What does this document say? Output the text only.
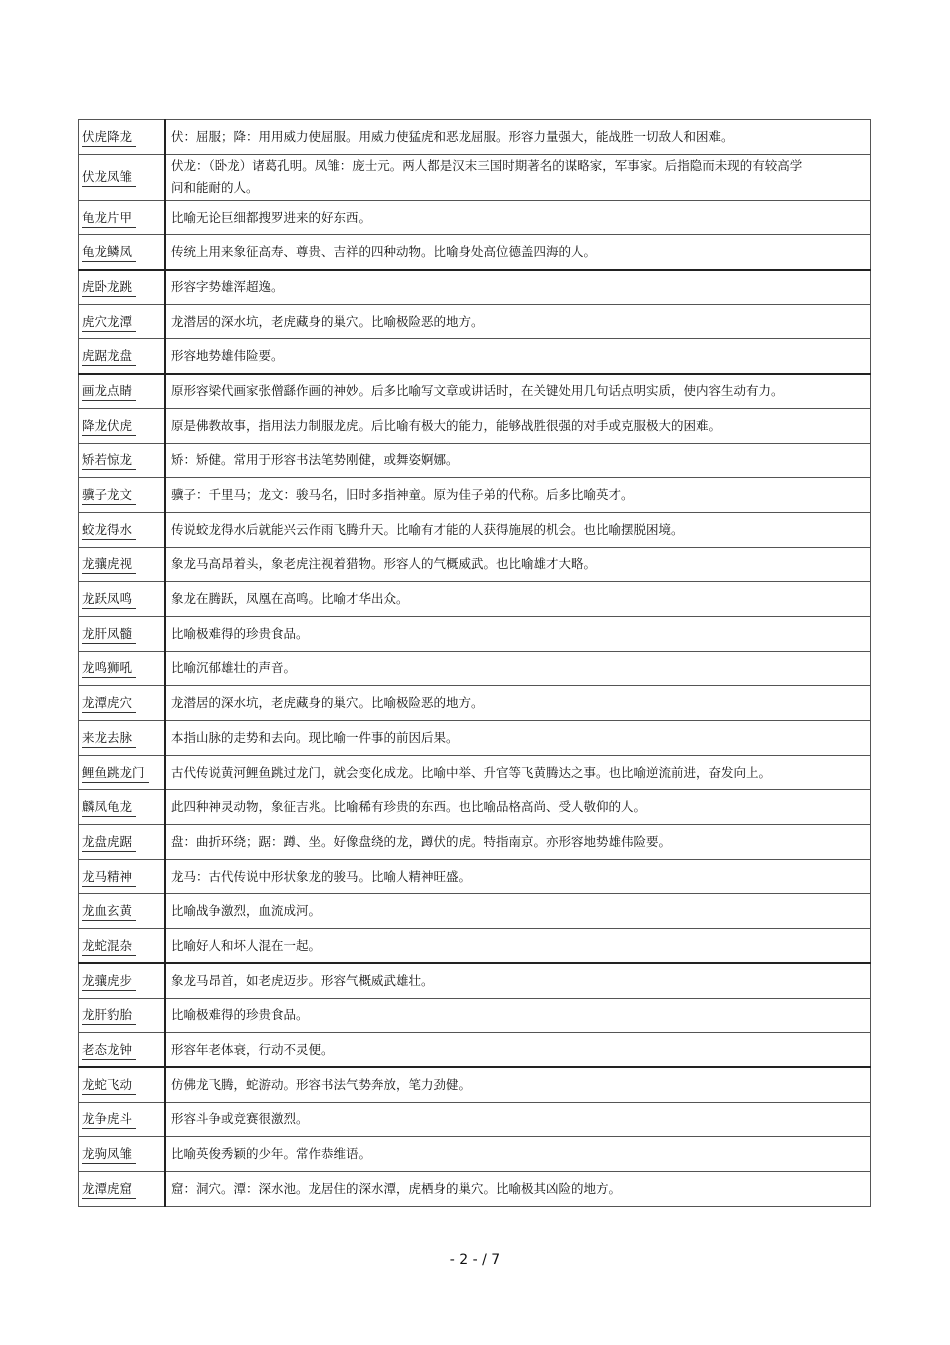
伏虎降龙	伏：屈服；降：用用威力使屈服。用威力使猛虎和恶龙屈服。形容力量强大，能战胜一切敌人和困难。

伏龙凤雏	伏龙：（卧龙）诸葛孔明。凤雏：庞士元。两人都是汉末三国时期著名的谋略家，军事家。后指隐而未现的有较高学问和能耐的人。

龟龙片甲	比喻无论巨细都搜罗进来的好东西。

龟龙鳞凤	传统上用来象征高寿、尊贵、吉祥的四种动物。比喻身处高位德盖四海的人。

虎卧龙跳	形容字势雄浑超逸。

虎穴龙潭	龙潜居的深水坑，老虎藏身的巢穴。比喻极险恶的地方。

虎踞龙盘	形容地势雄伟险要。

画龙点睛	原形容梁代画家张僧繇作画的神妙。后多比喻写文章或讲话时，在关键处用几句话点明实质，使内容生动有力。

降龙伏虎	原是佛教故事，指用法力制服龙虎。后比喻有极大的能力，能够战胜很强的对手或克服极大的困难。

矫若惊龙	矫：矫健。常用于形容书法笔势刚健，或舞姿婀娜。

骥子龙文	骥子：千里马；龙文：骏马名，旧时多指神童。原为佳子弟的代称。后多比喻英才。

蛟龙得水	传说蛟龙得水后就能兴云作雨飞腾升天。比喻有才能的人获得施展的机会。也比喻摆脱困境。

龙骧虎视	象龙马高昂着头，象老虎注视着猎物。形容人的气概威武。也比喻雄才大略。

龙跃凤鸣	象龙在腾跃，凤凰在高鸣。比喻才华出众。

龙肝凤髓	比喻极难得的珍贵食品。

龙鸣狮吼	比喻沉郁雄壮的声音。

龙潭虎穴	龙潜居的深水坑，老虎藏身的巢穴。比喻极险恶的地方。

来龙去脉	本指山脉的走势和去向。现比喻一件事的前因后果。

鲤鱼跳龙门	古代传说黄河鲤鱼跳过龙门，就会变化成龙。比喻中举、升官等飞黄腾达之事。也比喻逆流前进，奋发向上。

麟凤龟龙	此四种神灵动物，象征吉兆。比喻稀有珍贵的东西。也比喻品格高尚、受人敬仰的人。

龙盘虎踞	盘：曲折环绕；踞：蹲、坐。好像盘绕的龙，蹲伏的虎。特指南京。亦形容地势雄伟险要。

龙马精神	龙马：古代传说中形状象龙的骏马。比喻人精神旺盛。

龙血玄黄	比喻战争激烈，血流成河。

龙蛇混杂	比喻好人和坏人混在一起。

龙骧虎步	象龙马昂首，如老虎迈步。形容气概威武雄壮。

龙肝豹胎	比喻极难得的珍贵食品。

老态龙钟	形容年老体衰，行动不灵便。

龙蛇飞动	仿佛龙飞腾，蛇游动。形容书法气势奔放，笔力劲健。

龙争虎斗	形容斗争或竞赛很激烈。

龙驹凤雏	比喻英俊秀颖的少年。常作恭维语。

龙潭虎窟	窟：洞穴。潭：深水池。龙居住的深水潭，虎栖身的巢穴。比喻极其凶险的地方。
- 2 - / 7
